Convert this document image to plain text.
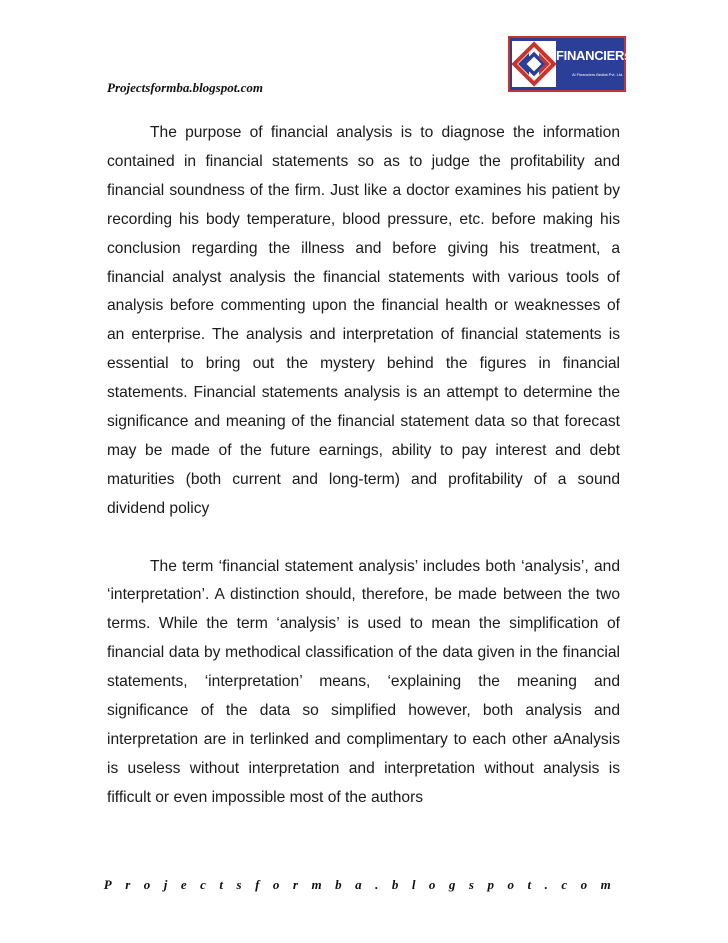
Projectsformba.blogspot.com
FINANCIERs
Al Financiers Bedtal Pvt. Ltd.

The purpose of financial analysis is to diagnose the information contained in financial statements so as to judge the profitability and financial soundness of the firm. Just like a doctor examines his patient by recording his body temperature, blood pressure, etc. before making his conclusion regarding the illness and before giving his treatment, a financial analyst analysis the financial statements with various tools of analysis before commenting upon the financial health or weaknesses of an enterprise. The analysis and interpretation of financial statements is essential to bring out the mystery behind the figures in financial statements. Financial statements analysis is an attempt to determine the significance and meaning of the financial statement data so that forecast may be made of the future earnings, ability to pay interest and debt maturities (both current and long-term) and profitability of a sound dividend policy

The term ‘financial statement analysis’ includes both ‘analysis’, and ‘interpretation’. A distinction should, therefore, be made between the two terms. While the term ‘analysis’ is used to mean the simplification of financial data by methodical classification of the data given in the financial statements, ‘interpretation’ means, ‘explaining the meaning and significance of the data so simplified however, both analysis and interpretation are in terlinked and complimentary to each other aAnalysis is useless without interpretation and interpretation without analysis is fifficult or even impossible most of the authors

Projectsformba.blogspot.com
